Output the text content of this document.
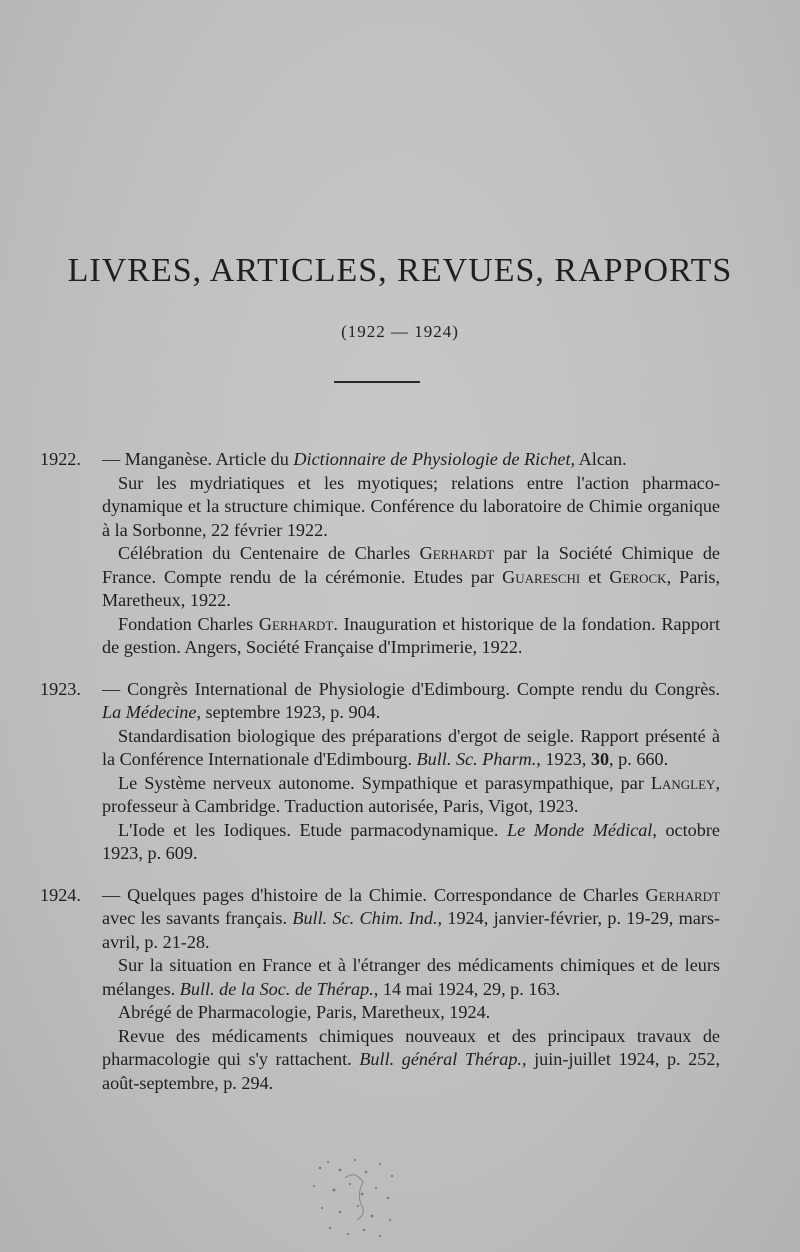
LIVRES, ARTICLES, REVUES, RAPPORTS
(1922 — 1924)

1922. — Manganèse. Article du Dictionnaire de Physiologie de Richet, Alcan.

Sur les mydriatiques et les myotiques; relations entre l'action pharmaco-dynamique et la structure chimique. Conférence du laboratoire de Chimie organique à la Sorbonne, 22 février 1922.

Célébration du Centenaire de Charles Gerhardt par la Société Chimique de France. Compte rendu de la cérémonie. Etudes par Guareschi et Gerock, Paris, Maretheux, 1922.

Fondation Charles Gerhardt. Inauguration et historique de la fondation. Rapport de gestion. Angers, Société Française d'Imprimerie, 1922.

1923. — Congrès International de Physiologie d'Edimbourg. Compte rendu du Congrès. La Médecine, septembre 1923, p. 904.

Standardisation biologique des préparations d'ergot de seigle. Rapport présenté à la Conférence Internationale d'Edimbourg. Bull. Sc. Pharm., 1923, 30, p. 660.

Le Système nerveux autonome. Sympathique et parasympathique, par Langley, professeur à Cambridge. Traduction autorisée, Paris, Vigot, 1923.

L'Iode et les Iodiques. Etude parmacodynamique. Le Monde Médical, octobre 1923, p. 609.

1924. — Quelques pages d'histoire de la Chimie. Correspondance de Charles Gerhardt avec les savants français. Bull. Sc. Chim. Ind., 1924, janvier-février, p. 19-29, mars-avril, p. 21-28.

Sur la situation en France et à l'étranger des médicaments chimiques et de leurs mélanges. Bull. de la Soc. de Thérap., 14 mai 1924, 29, p. 163.

Abrégé de Pharmacologie, Paris, Maretheux, 1924.

Revue des médicaments chimiques nouveaux et des principaux travaux de pharmacologie qui s'y rattachent. Bull. général Thérap., juin-juillet 1924, p. 252, août-septembre, p. 294.
